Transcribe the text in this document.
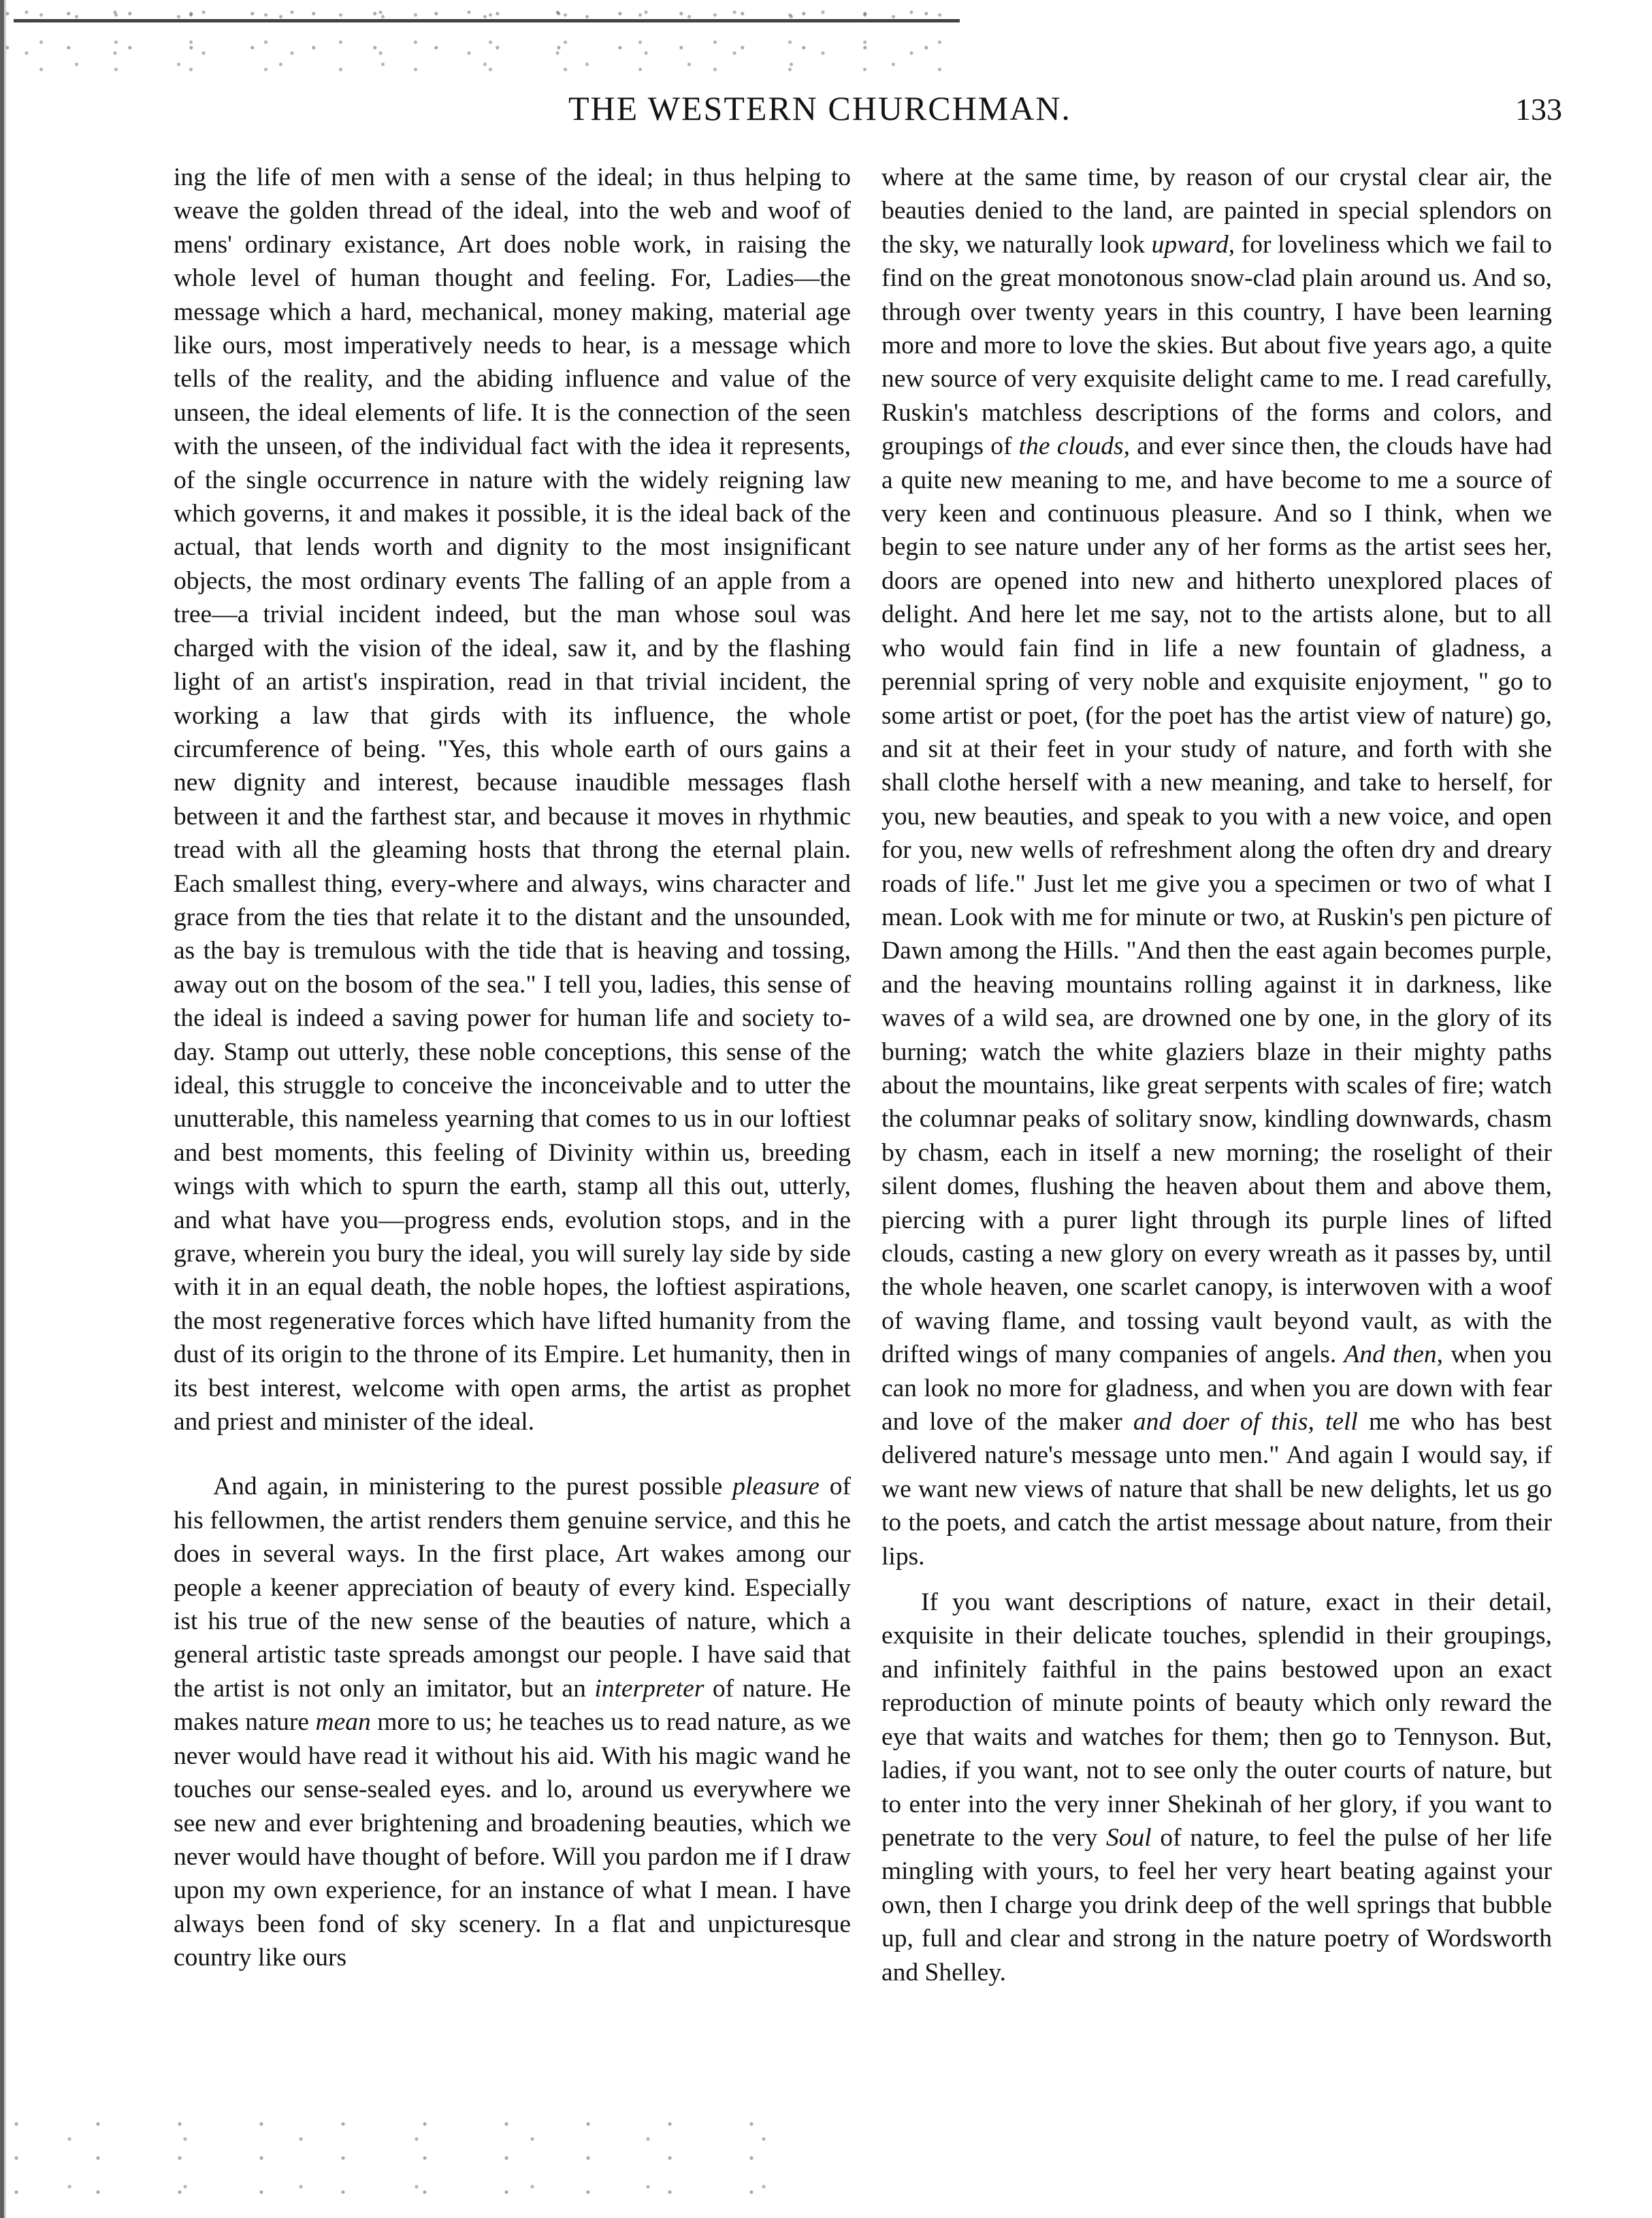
THE WESTERN CHURCHMAN.	133

ing the life of men with a sense of the ideal; in thus helping to weave the golden thread of the ideal, into the web and woof of mens' ordinary existance, Art does noble work, in raising the whole level of human thought and feeling. For, Ladies—the message which a hard, mechanical, money making, material age like ours, most imperatively needs to hear, is a message which tells of the reality, and the abiding influence and value of the unseen, the ideal elements of life. It is the connection of the seen with the unseen, of the individual fact with the idea it represents, of the single occurrence in nature with the widely reigning law which governs, it and makes it possible, it is the ideal back of the actual, that lends worth and dignity to the most insignificant objects, the most ordinary events The falling of an apple from a tree—a trivial incident indeed, but the man whose soul was charged with the vision of the ideal, saw it, and by the flashing light of an artist's inspiration, read in that trivial incident, the working a law that girds with its influence, the whole circumference of being. "Yes, this whole earth of ours gains a new dignity and interest, because inaudible messages flash between it and the farthest star, and because it moves in rhythmic tread with all the gleaming hosts that throng the eternal plain. Each smallest thing, every-where and always, wins character and grace from the ties that relate it to the distant and the unsounded, as the bay is tremulous with the tide that is heaving and tossing, away out on the bosom of the sea." I tell you, ladies, this sense of the ideal is indeed a saving power for human life and society to-day. Stamp out utterly, these noble conceptions, this sense of the ideal, this struggle to conceive the inconceivable and to utter the unutterable, this nameless yearning that comes to us in our loftiest and best moments, this feeling of Divinity within us, breeding wings with which to spurn the earth, stamp all this out, utterly, and what have you—progress ends, evolution stops, and in the grave, wherein you bury the ideal, you will surely lay side by side with it in an equal death, the noble hopes, the loftiest aspirations, the most regenerative forces which have lifted humanity from the dust of its origin to the throne of its Empire. Let humanity, then in its best interest, welcome with open arms, the artist as prophet and priest and minister of the ideal.

And again, in ministering to the purest possible pleasure of his fellowmen, the artist renders them genuine service, and this he does in several ways. In the first place, Art wakes among our people a keener appreciation of beauty of every kind. Especially ist his true of the new sense of the beauties of nature, which a general artistic taste spreads amongst our people. I have said that the artist is not only an imitator, but an interpreter of nature. He makes nature mean more to us; he teaches us to read nature, as we never would have read it without his aid. With his magic wand he touches our sense-sealed eyes. and lo, around us everywhere we see new and ever brightening and broadening beauties, which we never would have thought of before. Will you pardon me if I draw upon my own experience, for an instance of what I mean. I have always been fond of sky scenery. In a flat and unpicturesque country like ours

where at the same time, by reason of our crystal clear air, the beauties denied to the land, are painted in special splendors on the sky, we naturally look upward, for loveliness which we fail to find on the great monotonous snow-clad plain around us. And so, through over twenty years in this country, I have been learning more and more to love the skies. But about five years ago, a quite new source of very exquisite delight came to me. I read carefully, Ruskin's matchless descriptions of the forms and colors, and groupings of the clouds, and ever since then, the clouds have had a quite new meaning to me, and have become to me a source of very keen and continuous pleasure. And so I think, when we begin to see nature under any of her forms as the artist sees her, doors are opened into new and hitherto unexplored places of delight. And here let me say, not to the artists alone, but to all who would fain find in life a new fountain of gladness, a perennial spring of very noble and exquisite enjoyment, " go to some artist or poet, (for the poet has the artist view of nature) go, and sit at their feet in your study of nature, and forth with she shall clothe herself with a new meaning, and take to herself, for you, new beauties, and speak to you with a new voice, and open for you, new wells of refreshment along the often dry and dreary roads of life." Just let me give you a specimen or two of what I mean. Look with me for minute or two, at Ruskin's pen picture of Dawn among the Hills. "And then the east again becomes purple, and the heaving mountains rolling against it in darkness, like waves of a wild sea, are drowned one by one, in the glory of its burning; watch the white glaziers blaze in their mighty paths about the mountains, like great serpents with scales of fire; watch the columnar peaks of solitary snow, kindling downwards, chasm by chasm, each in itself a new morning; the roselight of their silent domes, flushing the heaven about them and above them, piercing with a purer light through its purple lines of lifted clouds, casting a new glory on every wreath as it passes by, until the whole heaven, one scarlet canopy, is interwoven with a woof of waving flame, and tossing vault beyond vault, as with the drifted wings of many companies of angels. And then, when you can look no more for gladness, and when you are down with fear and love of the maker and doer of this, tell me who has best delivered nature's message unto men." And again I would say, if we want new views of nature that shall be new delights, let us go to the poets, and catch the artist message about nature, from their lips.

If you want descriptions of nature, exact in their detail, exquisite in their delicate touches, splendid in their groupings, and infinitely faithful in the pains bestowed upon an exact reproduction of minute points of beauty which only reward the eye that waits and watches for them; then go to Tennyson. But, ladies, if you want, not to see only the outer courts of nature, but to enter into the very inner Shekinah of her glory, if you want to penetrate to the very Soul of nature, to feel the pulse of her life mingling with yours, to feel her very heart beating against your own, then I charge you drink deep of the well springs that bubble up, full and clear and strong in the nature poetry of Wordsworth and Shelley.
